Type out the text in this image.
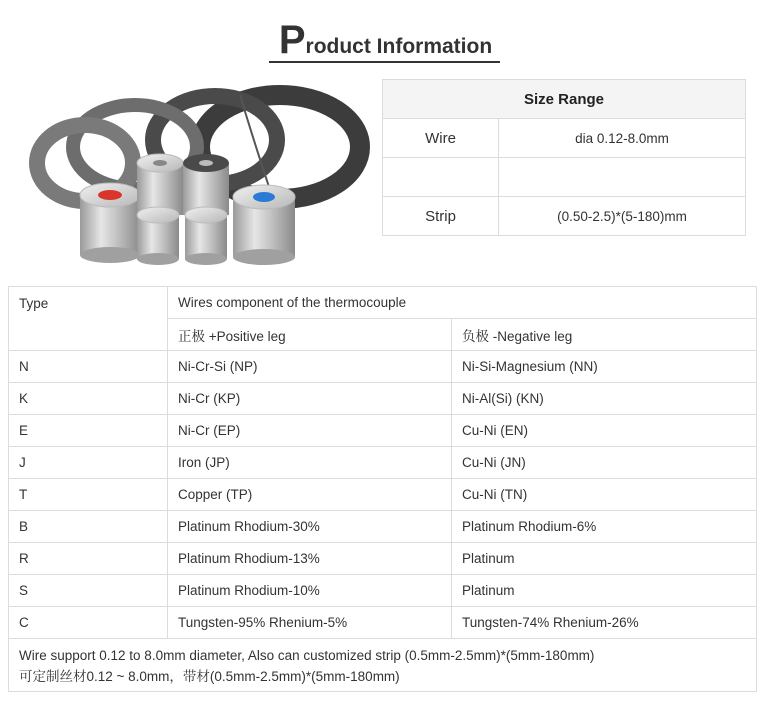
Product Information
Size Range	
Wire	dia 0.12-8.0mm

Strip	(0.50-2.5)*(5-180)mm
Type	Wires component of the thermocouple	
	正极 +Positive leg	负极 -Negative leg
N	Ni-Cr-Si (NP)	Ni-Si-Magnesium (NN)
K	Ni-Cr (KP)	Ni-Al(Si) (KN)
E	Ni-Cr (EP)	Cu-Ni (EN)
J	Iron (JP)	Cu-Ni (JN)
T	Copper (TP)	Cu-Ni (TN)
B	Platinum Rhodium-30%	Platinum Rhodium-6%
R	Platinum Rhodium-13%	Platinum
S	Platinum Rhodium-10%	Platinum
C	Tungsten-95% Rhenium-5%	Tungsten-74% Rhenium-26%

Wire support 0.12 to 8.0mm diameter, Also can customized strip (0.5mm-2.5mm)*(5mm-180mm)
可定制丝材0.12 ~ 8.0mm，带材(0.5mm-2.5mm)*(5mm-180mm)		
